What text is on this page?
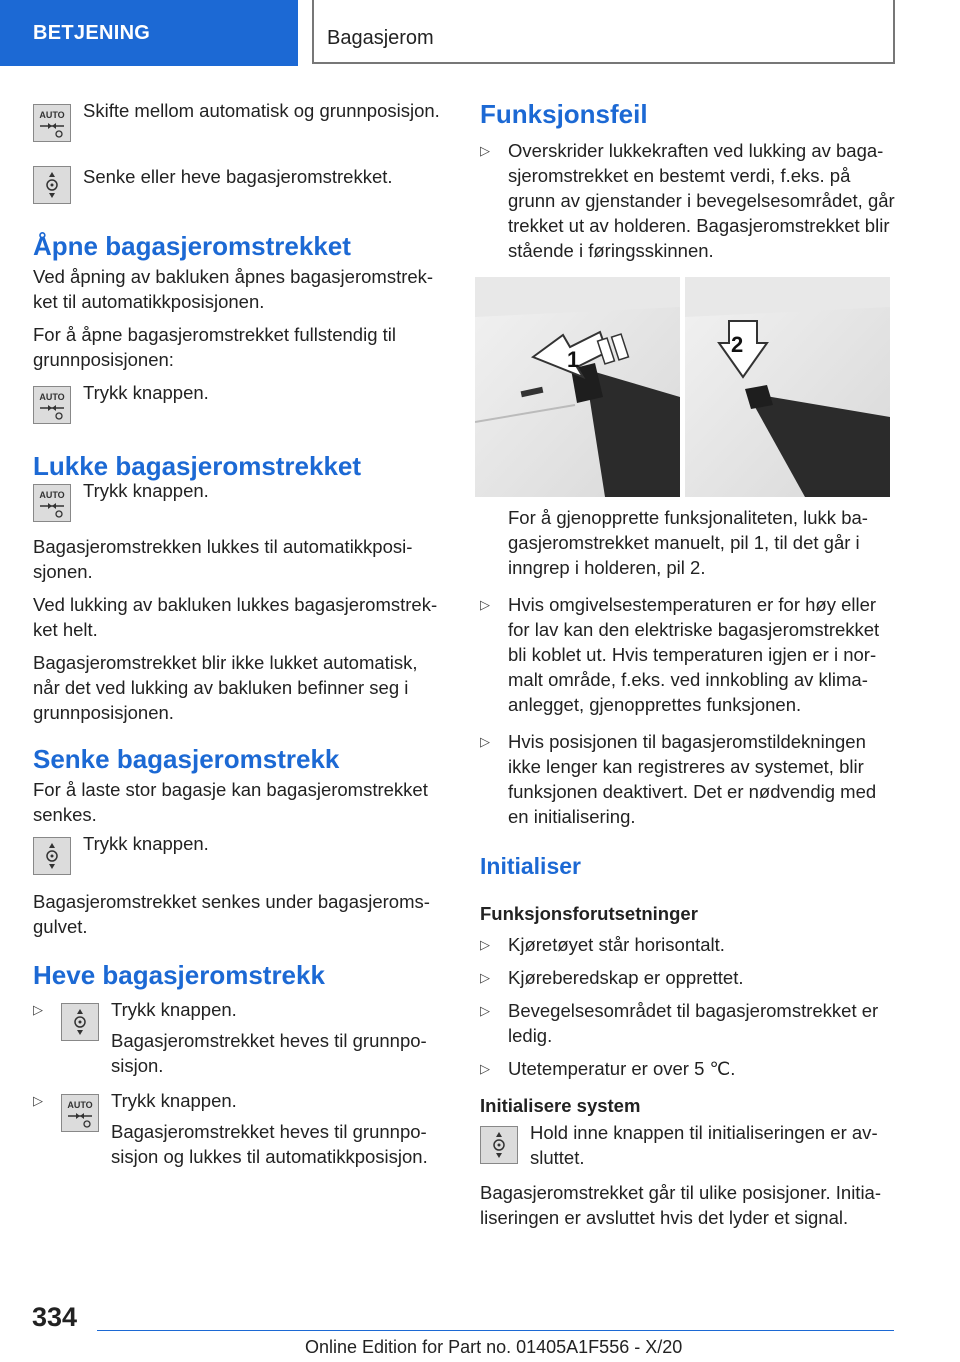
BETJENING	Bagasjerom
AUTO Skifte mellom automatisk og grunnposisjon.

Senke eller heve bagasjeromstrekket.

Åpne bagasjeromstrekket

Ved åpning av bakluken åpnes bagasjeromstrekket til automatikkposisjonen.

For å åpne bagasjeromstrekket fullstendig til grunnposisjonen:

AUTO Trykk knappen.

Lukke bagasjeromstrekket
AUTO Trykk knappen.

Bagasjeromstrekken lukkes til automatikkposisjonen.

Ved lukking av bakluken lukkes bagasjeromstrekket helt.

Bagasjeromstrekket blir ikke lukket automatisk, når det ved lukking av bakluken befinner seg i grunnposisjonen.

Senke bagasjeromstrekk

For å laste stor bagasje kan bagasjeromstrekket senkes.

Trykk knappen.

Bagasjeromstrekket senkes under bagasjeromsgulvet.

Heve bagasjeromstrekk
▷	Trykk knappen.

Bagasjeromstrekket heves til grunnposisjon.

▷	AUTO Trykk knappen.

Bagasjeromstrekket heves til grunnposisjon og lukkes til automatikkposisjon.

Funksjonsfeil
▷ Overskrider lukkekraften ved lukking av bagasjeromstrekket en bestemt verdi, f.eks. på grunn av gjenstander i bevegelsesområdet, går trekket ut av holderen. Bagasjeromstrekket blir stående i føringsskinnen.

1
2

For å gjenopprette funksjonaliteten, lukk bagasjeromstrekket manuelt, pil 1, til det går i inngrep i holderen, pil 2.

▷ Hvis omgivelsestemperaturen er for høy eller for lav kan den elektriske bagasjeromstrekket bli koblet ut. Hvis temperaturen igjen er i normalt område, f.eks. ved innkobling av klimaanlegget, gjenopprettes funksjonen.

▷ Hvis posisjonen til bagasjeromstildekningen ikke lenger kan registreres av systemet, blir funksjonen deaktivert. Det er nødvendig med en initialisering.

Initialiser
Funksjonsforutsetninger
▷ Kjøretøyet står horisontalt.

▷ Kjøreberedskap er opprettet.

▷ Bevegelsesområdet til bagasjeromstrekket er ledig.

▷ Utetemperatur er over 5 ℃.

Initialisere system

Hold inne knappen til initialiseringen er avsluttet.

Bagasjeromstrekket går til ulike posisjoner. Initialiseringen er avsluttet hvis det lyder et signal.

334
Online Edition for Part no. 01405A1F556 - X/20
